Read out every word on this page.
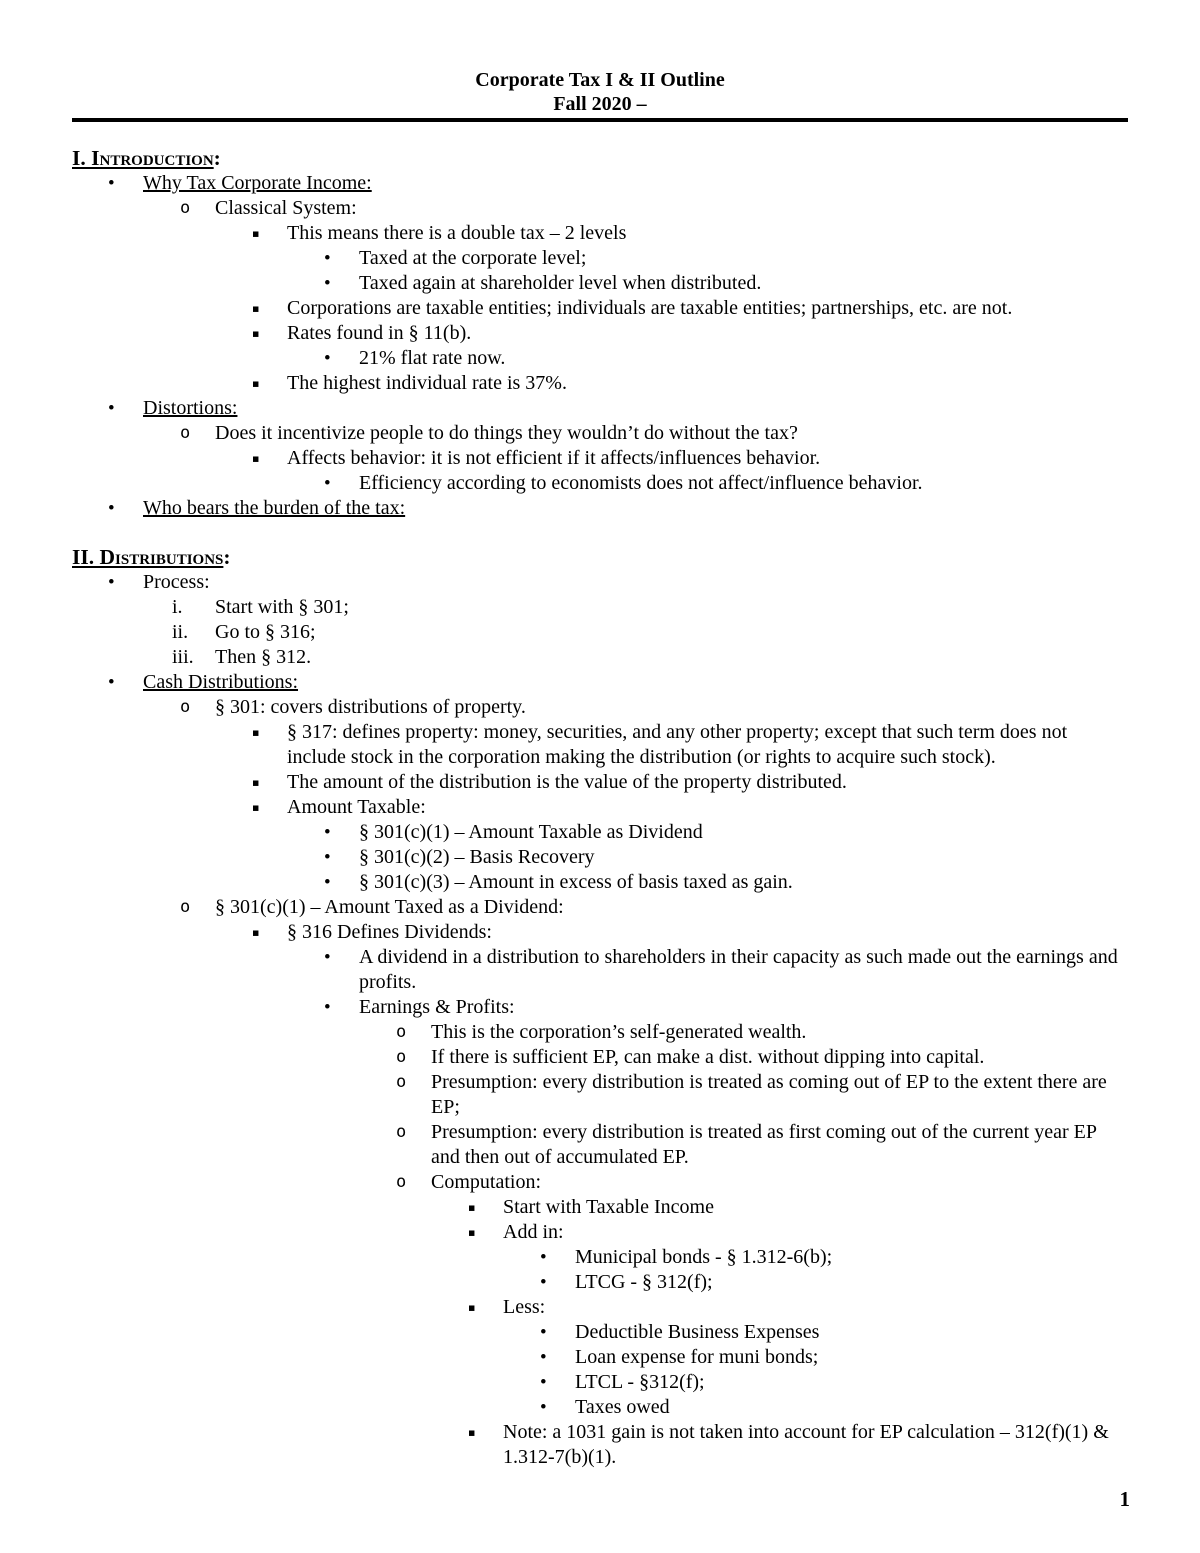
Corporate Tax I & II Outline
Fall 2020 –
I. Introduction:
• Why Tax Corporate Income:
o Classical System:
▪ This means there is a double tax – 2 levels
• Taxed at the corporate level;
• Taxed again at shareholder level when distributed.
▪ Corporations are taxable entities; individuals are taxable entities; partnerships, etc. are not.
▪ Rates found in § 11(b).
• 21% flat rate now.
▪ The highest individual rate is 37%.
• Distortions:
o Does it incentivize people to do things they wouldn’t do without the tax?
▪ Affects behavior: it is not efficient if it affects/influences behavior.
• Efficiency according to economists does not affect/influence behavior.
• Who bears the burden of the tax:
II. Distributions:
• Process:
i. Start with § 301;
ii. Go to § 316;
iii. Then § 312.
• Cash Distributions:
o § 301: covers distributions of property.
▪ § 317: defines property: money, securities, and any other property; except that such term does not include stock in the corporation making the distribution (or rights to acquire such stock).
▪ The amount of the distribution is the value of the property distributed.
▪ Amount Taxable:
• § 301(c)(1) – Amount Taxable as Dividend
• § 301(c)(2) – Basis Recovery
• § 301(c)(3) – Amount in excess of basis taxed as gain.
o § 301(c)(1) – Amount Taxed as a Dividend:
▪ § 316 Defines Dividends:
• A dividend in a distribution to shareholders in their capacity as such made out the earnings and profits.
• Earnings & Profits:
o This is the corporation’s self-generated wealth.
o If there is sufficient EP, can make a dist. without dipping into capital.
o Presumption: every distribution is treated as coming out of EP to the extent there are EP;
o Presumption: every distribution is treated as first coming out of the current year EP and then out of accumulated EP.
o Computation:
▪ Start with Taxable Income
▪ Add in:
• Municipal bonds - § 1.312-6(b);
• LTCG - § 312(f);
▪ Less:
• Deductible Business Expenses
• Loan expense for muni bonds;
• LTCL - §312(f);
• Taxes owed
▪ Note: a 1031 gain is not taken into account for EP calculation – 312(f)(1) & 1.312-7(b)(1).
1
